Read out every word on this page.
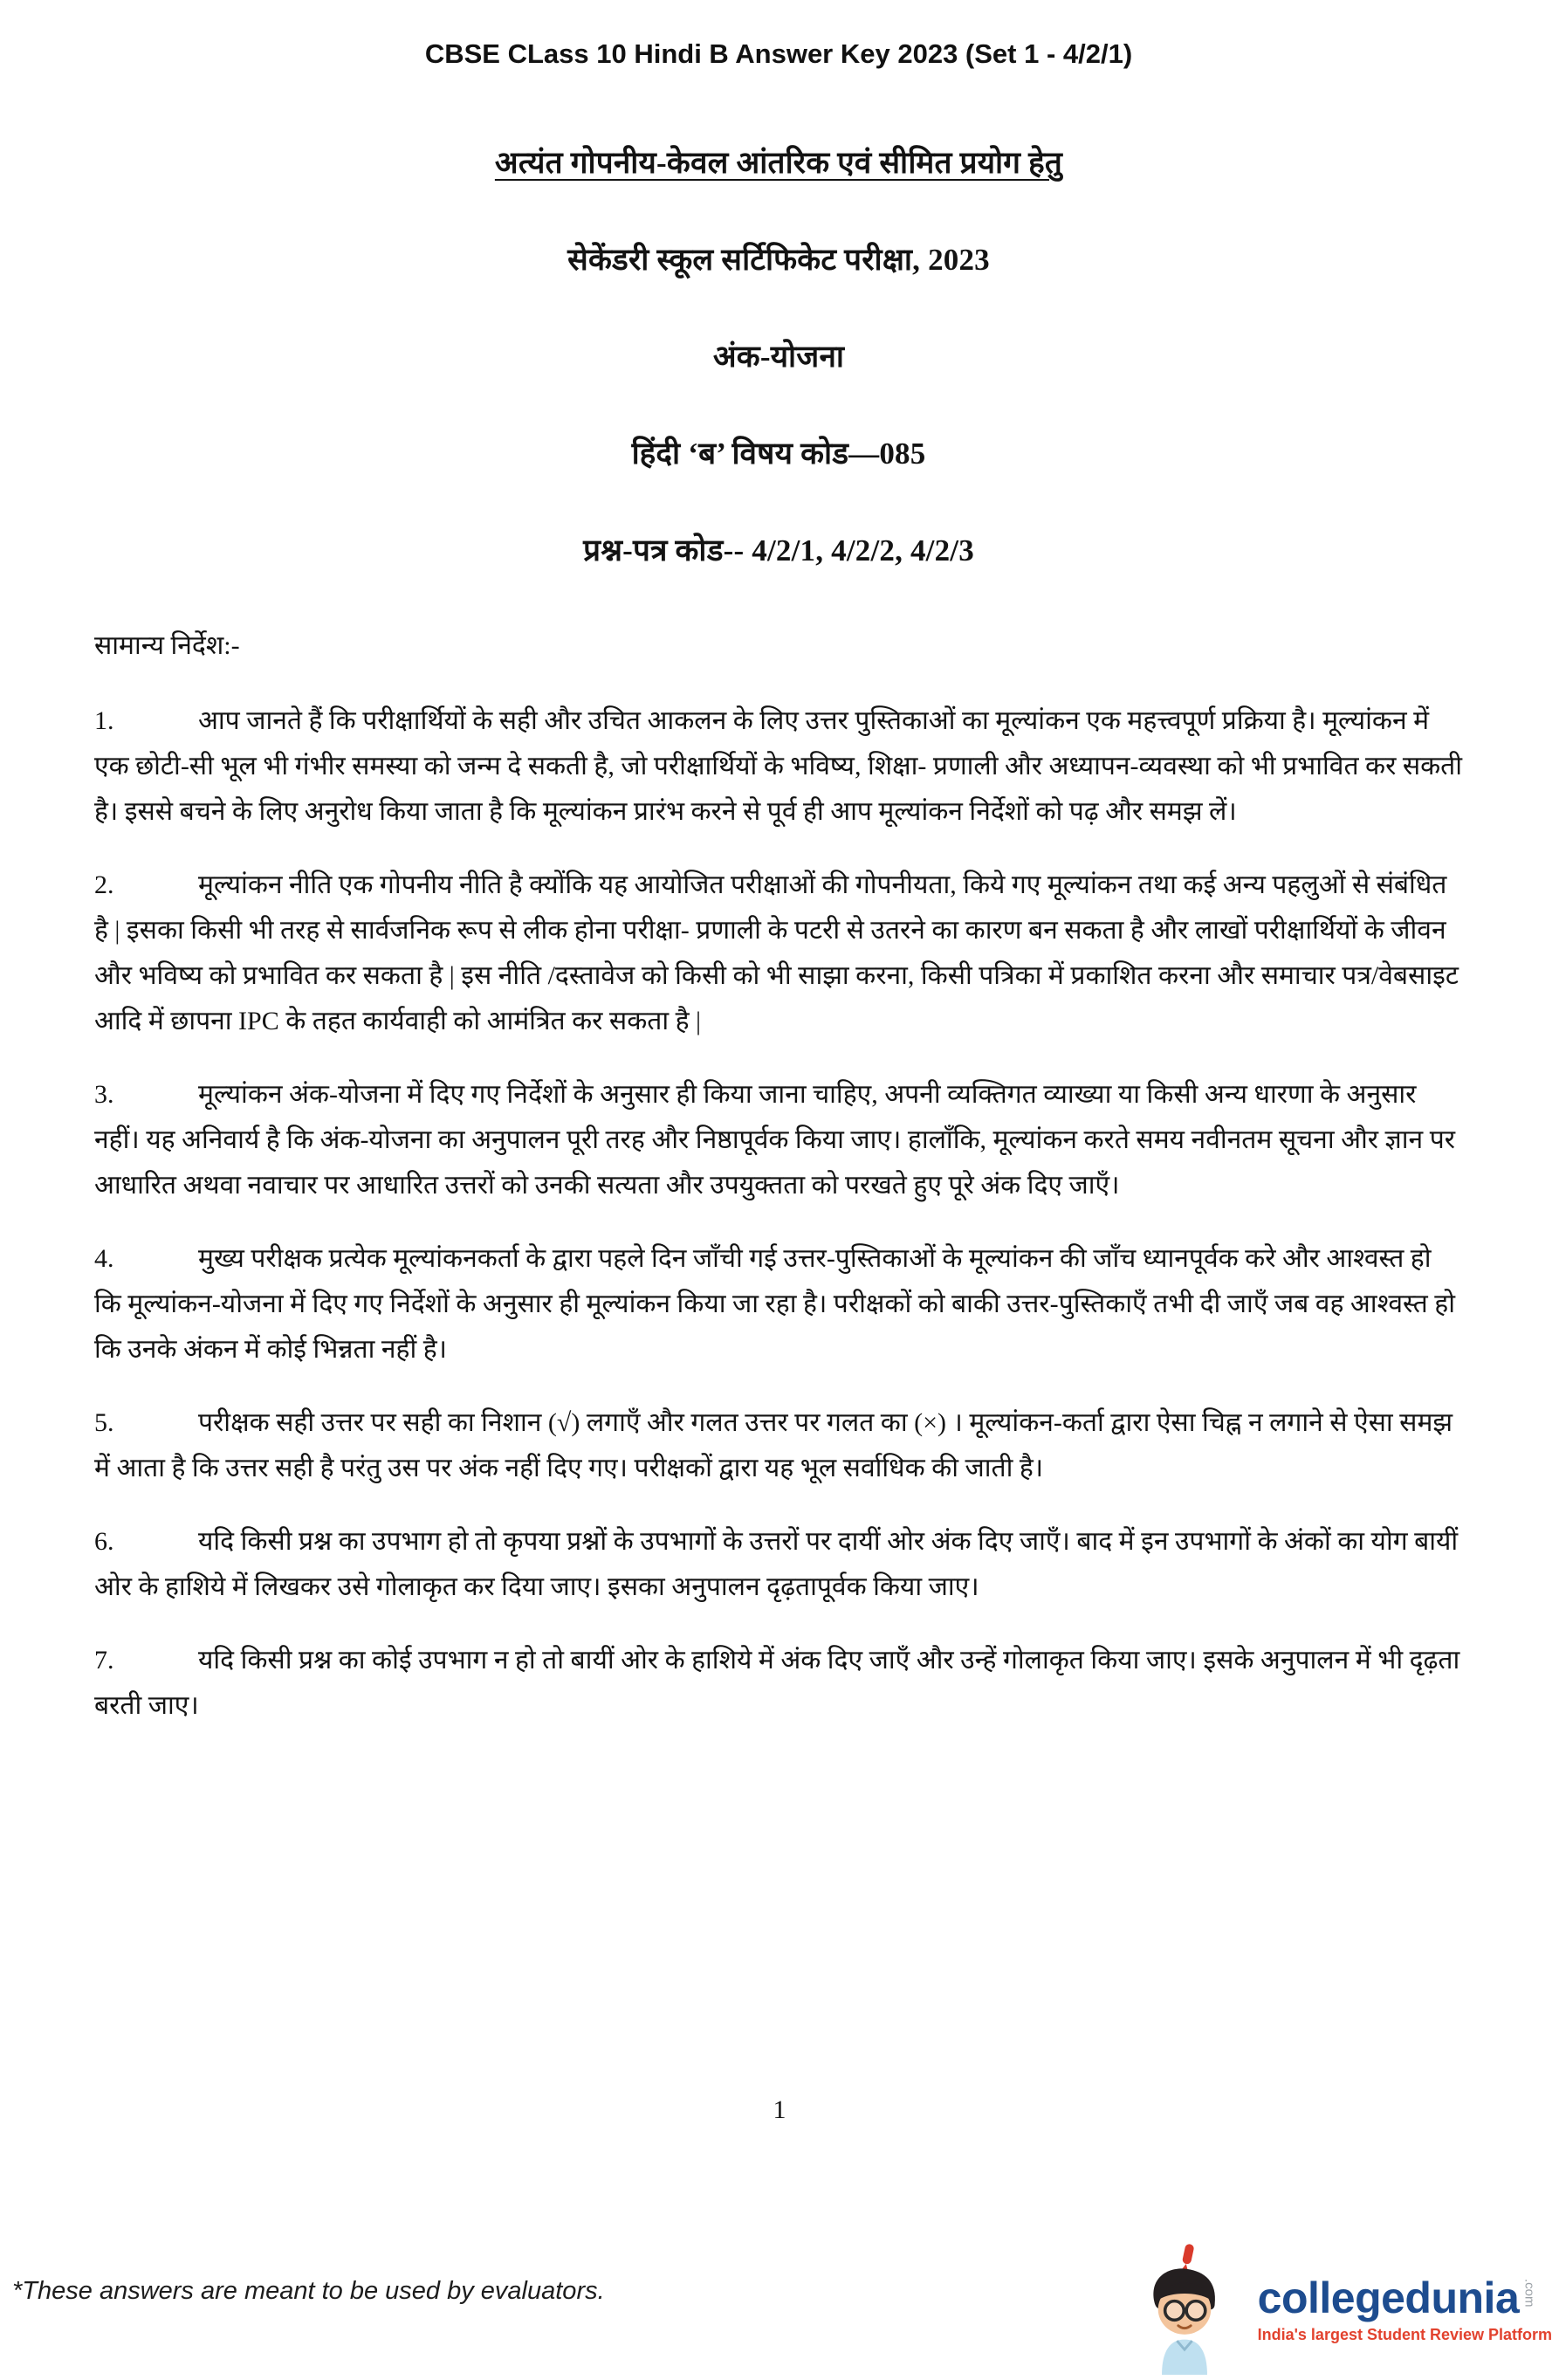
CBSE CLass 10 Hindi B Answer Key 2023 (Set 1 - 4/2/1)
अत्यंत गोपनीय-केवल आंतरिक एवं सीमित प्रयोग हेतु
सेकेंडरी स्कूल सर्टिफिकेट परीक्षा, 2023
अंक-योजना
हिंदी ‘ब’ विषय कोड—085
प्रश्न-पत्र कोड-- 4/2/1, 4/2/2, 4/2/3
सामान्य निर्देश:-
1.	आप जानते हैं कि परीक्षार्थियों के सही और उचित आकलन के लिए उत्तर पुस्तिकाओं का मूल्यांकन एक महत्त्वपूर्ण प्रक्रिया है। मूल्यांकन में एक छोटी-सी भूल भी गंभीर समस्या को जन्म दे सकती है, जो परीक्षार्थियों के भविष्य, शिक्षा- प्रणाली और अध्यापन-व्यवस्था को भी प्रभावित कर सकती है। इससे बचने के लिए अनुरोध किया जाता है कि मूल्यांकन प्रारंभ करने से पूर्व ही आप मूल्यांकन निर्देशों को पढ़ और समझ लें।
2.	मूल्यांकन नीति एक गोपनीय नीति है क्योंकि यह आयोजित परीक्षाओं की गोपनीयता, किये गए मूल्यांकन तथा कई अन्य पहलुओं से संबंधित है | इसका किसी भी तरह से सार्वजनिक रूप से लीक होना परीक्षा- प्रणाली के पटरी से उतरने का कारण बन सकता है और लाखों परीक्षार्थियों के जीवन और भविष्य को प्रभावित कर सकता है | इस नीति /दस्तावेज को किसी को भी साझा करना, किसी पत्रिका में प्रकाशित करना और समाचार पत्र/वेबसाइट आदि में छापना IPC के तहत कार्यवाही को आमंत्रित कर सकता है |
3.	मूल्यांकन अंक-योजना में दिए गए निर्देशों के अनुसार ही किया जाना चाहिए, अपनी व्यक्तिगत व्याख्या या किसी अन्य धारणा के अनुसार नहीं। यह अनिवार्य है कि अंक-योजना का अनुपालन पूरी तरह और निष्ठापूर्वक किया जाए। हालाँकि, मूल्यांकन करते समय नवीनतम सूचना और ज्ञान पर आधारित अथवा नवाचार पर आधारित उत्तरों को उनकी सत्यता और उपयुक्तता को परखते हुए पूरे अंक दिए जाएँ।
4.	मुख्य परीक्षक प्रत्येक मूल्यांकनकर्ता के द्वारा पहले दिन जाँची गई उत्तर-पुस्तिकाओं के मूल्यांकन की जाँच ध्यानपूर्वक करे और आश्वस्त हो कि मूल्यांकन-योजना में दिए गए निर्देशों के अनुसार ही मूल्यांकन किया जा रहा है। परीक्षकों को बाकी उत्तर-पुस्तिकाएँ तभी दी जाएँ जब वह आश्वस्त हो कि उनके अंकन में कोई भिन्नता नहीं है।
5.	परीक्षक सही उत्तर पर सही का निशान (√) लगाएँ और गलत उत्तर पर गलत का (×) । मूल्यांकन-कर्ता द्वारा ऐसा चिह्न न लगाने से ऐसा समझ में आता है कि उत्तर सही है परंतु उस पर अंक नहीं दिए गए। परीक्षकों द्वारा यह भूल सर्वाधिक की जाती है।
6.	यदि किसी प्रश्न का उपभाग हो तो कृपया प्रश्नों के उपभागों के उत्तरों पर दायीं ओर अंक दिए जाएँ। बाद में इन उपभागों के अंकों का योग बायीं ओर के हाशिये में लिखकर उसे गोलाकृत कर दिया जाए। इसका अनुपालन दृढ़तापूर्वक किया जाए।
7.	यदि किसी प्रश्न का कोई उपभाग न हो तो बायीं ओर के हाशिये में अंक दिए जाएँ और उन्हें गोलाकृत किया जाए। इसके अनुपालन में भी दृढ़ता बरती जाए।
1
*These answers are meant to be used by evaluators.	collegedunia .com
India's largest Student Review Platform
